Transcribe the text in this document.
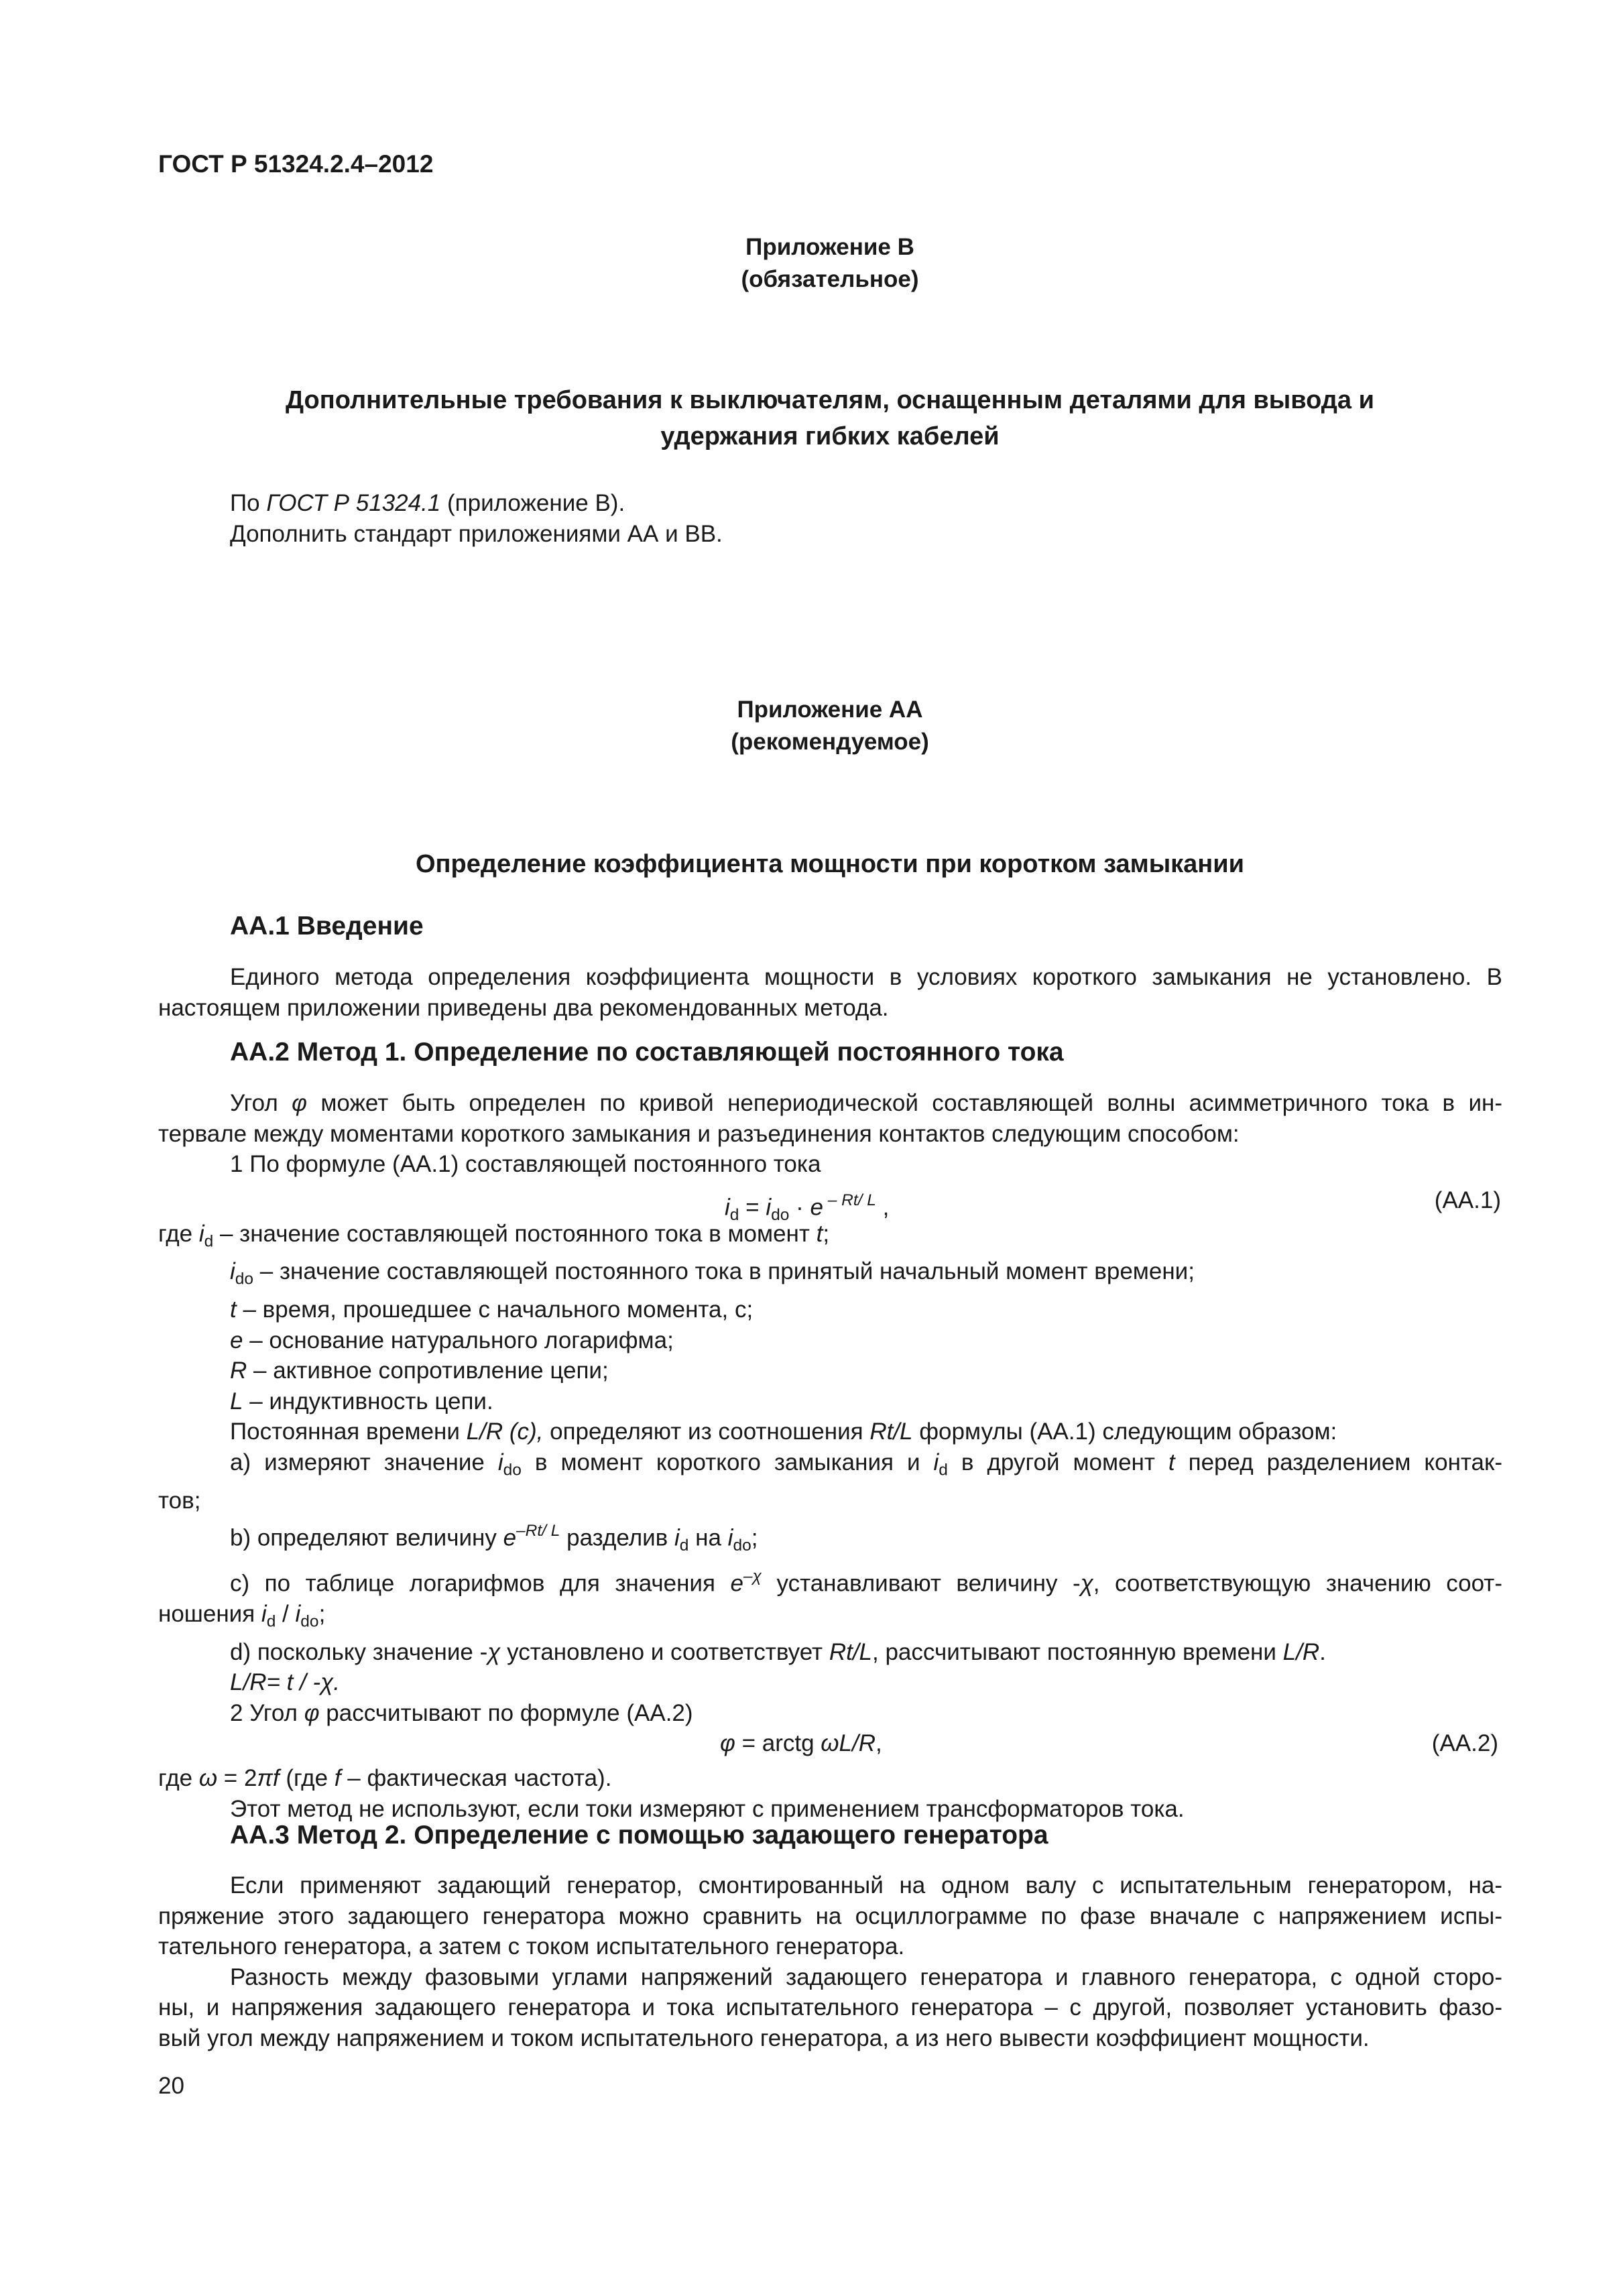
ГОСТ Р 51324.2.4–2012
Приложение В
(обязательное)
Дополнительные требования к выключателям, оснащенным деталями для вывода и
удержания гибких кабелей
По ГОСТ Р 51324.1 (приложение В).
Дополнить стандарт приложениями АА и ВВ.
Приложение АА
(рекомендуемое)
Определение коэффициента мощности при коротком замыкании
АА.1 Введение
Единого метода определения коэффициента мощности в условиях короткого замыкания не установлено. В
настоящем приложении приведены два рекомендованных метода.
АА.2 Метод 1. Определение по составляющей постоянного тока
Угол φ может быть определен по кривой непериодической составляющей волны асимметричного тока в ин-
тервале между моментами короткого замыкания и разъединения контактов следующим способом:
1 По формуле (АА.1) составляющей постоянного тока
$i_d = i_{do} \cdot e$ $^{- Rt/ L}$ ,	(АА.1)
где $i_d$ – значение составляющей постоянного тока в момент t;
$i_{do}$ – значение составляющей постоянного тока в принятый начальный момент времени;
t – время, прошедшее с начального момента, с;
e – основание натурального логарифма;
R – активное сопротивление цепи;
L – индуктивность цепи.
Постоянная времени L/R (c), определяют из соотношения Rt/L формулы (АА.1) следующим образом:
а) измеряют значение $i_{do}$ в момент короткого замыкания и $i_d$ в другой момент t перед разделением контак-
тов;
b) определяют величину $e^{-Rt/ L}$ разделив $i_d$ на $i_{do}$;
c) по таблице логарифмов для значения $e^{-\chi}$ устанавливают величину -χ, соответствующую значению соот-
ношения $i_d / i_{do}$;
d) поскольку значение -χ установлено и соответствует Rt/L, рассчитывают постоянную времени L/R.
L/R= t / -χ.
2 Угол φ рассчитывают по формуле (АА.2)
φ = arctg ωL/R,	(АА.2)
где ω = 2πf (где f – фактическая частота).
Этот метод не используют, если токи измеряют с применением трансформаторов тока.
АА.3 Метод 2. Определение с помощью задающего генератора
Если применяют задающий генератор, смонтированный на одном валу с испытательным генератором, на-
пряжение этого задающего генератора можно сравнить на осциллограмме по фазе вначале с напряжением испы-
тательного генератора, а затем с током испытательного генератора.
Разность между фазовыми углами напряжений задающего генератора и главного генератора, с одной сторо-
ны, и напряжения задающего генератора и тока испытательного генератора – с другой, позволяет установить фазо-
вый угол между напряжением и током испытательного генератора, а из него вывести коэффициент мощности.
20
